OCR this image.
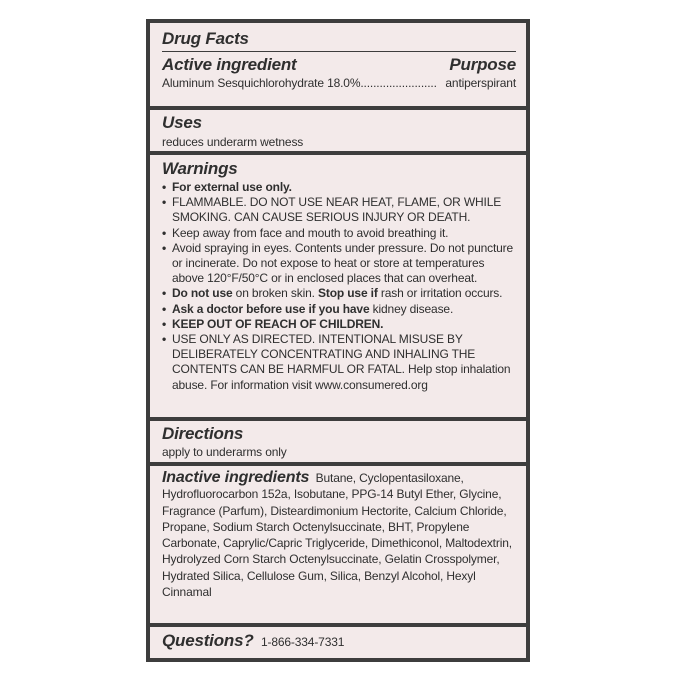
Drug Facts
Active ingredient	Purpose
Aluminum Sesquichlorohydrate 18.0% ........................ antiperspirant
Uses
reduces underarm wetness
Warnings
• For external use only.
• FLAMMABLE. DO NOT USE NEAR HEAT, FLAME, OR WHILE SMOKING. CAN CAUSE SERIOUS INJURY OR DEATH.
• Keep away from face and mouth to avoid breathing it.
• Avoid spraying in eyes. Contents under pressure. Do not puncture or incinerate. Do not expose to heat or store at temperatures above 120°F/50°C or in enclosed places that can overheat.
• Do not use on broken skin. Stop use if rash or irritation occurs.
• Ask a doctor before use if you have kidney disease.
• KEEP OUT OF REACH OF CHILDREN.
• USE ONLY AS DIRECTED. INTENTIONAL MISUSE BY DELIBERATELY CONCENTRATING AND INHALING THE CONTENTS CAN BE HARMFUL OR FATAL. Help stop inhalation abuse. For information visit www.consumered.org
Directions
apply to underarms only
Inactive ingredients Butane, Cyclopentasiloxane, Hydrofluorocarbon 152a, Isobutane, PPG-14 Butyl Ether, Glycine, Fragrance (Parfum), Disteardimonium Hectorite, Calcium Chloride, Propane, Sodium Starch Octenylsuccinate, BHT, Propylene Carbonate, Caprylic/Capric Triglyceride, Dimethiconol, Maltodextrin, Hydrolyzed Corn Starch Octenylsuccinate, Gelatin Crosspolymer, Hydrated Silica, Cellulose Gum, Silica, Benzyl Alcohol, Hexyl Cinnamal
Questions? 1-866-334-7331
